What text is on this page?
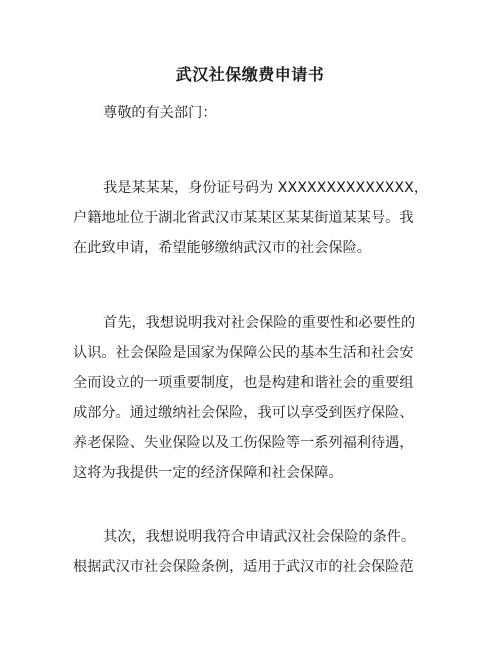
武汉社保缴费申请书
尊敬的有关部门：
我是某某某，身份证号码为 XXXXXXXXXXXXXX，
户籍地址位于湖北省武汉市某某区某某街道某某号。我
在此致申请，希望能够缴纳武汉市的社会保险。
首先，我想说明我对社会保险的重要性和必要性的
认识。社会保险是国家为保障公民的基本生活和社会安
全而设立的一项重要制度，也是构建和谐社会的重要组
成部分。通过缴纳社会保险，我可以享受到医疗保险、
养老保险、失业保险以及工伤保险等一系列福利待遇，
这将为我提供一定的经济保障和社会保障。
其次，我想说明我符合申请武汉社会保险的条件。
根据武汉市社会保险条例，适用于武汉市的社会保险范
